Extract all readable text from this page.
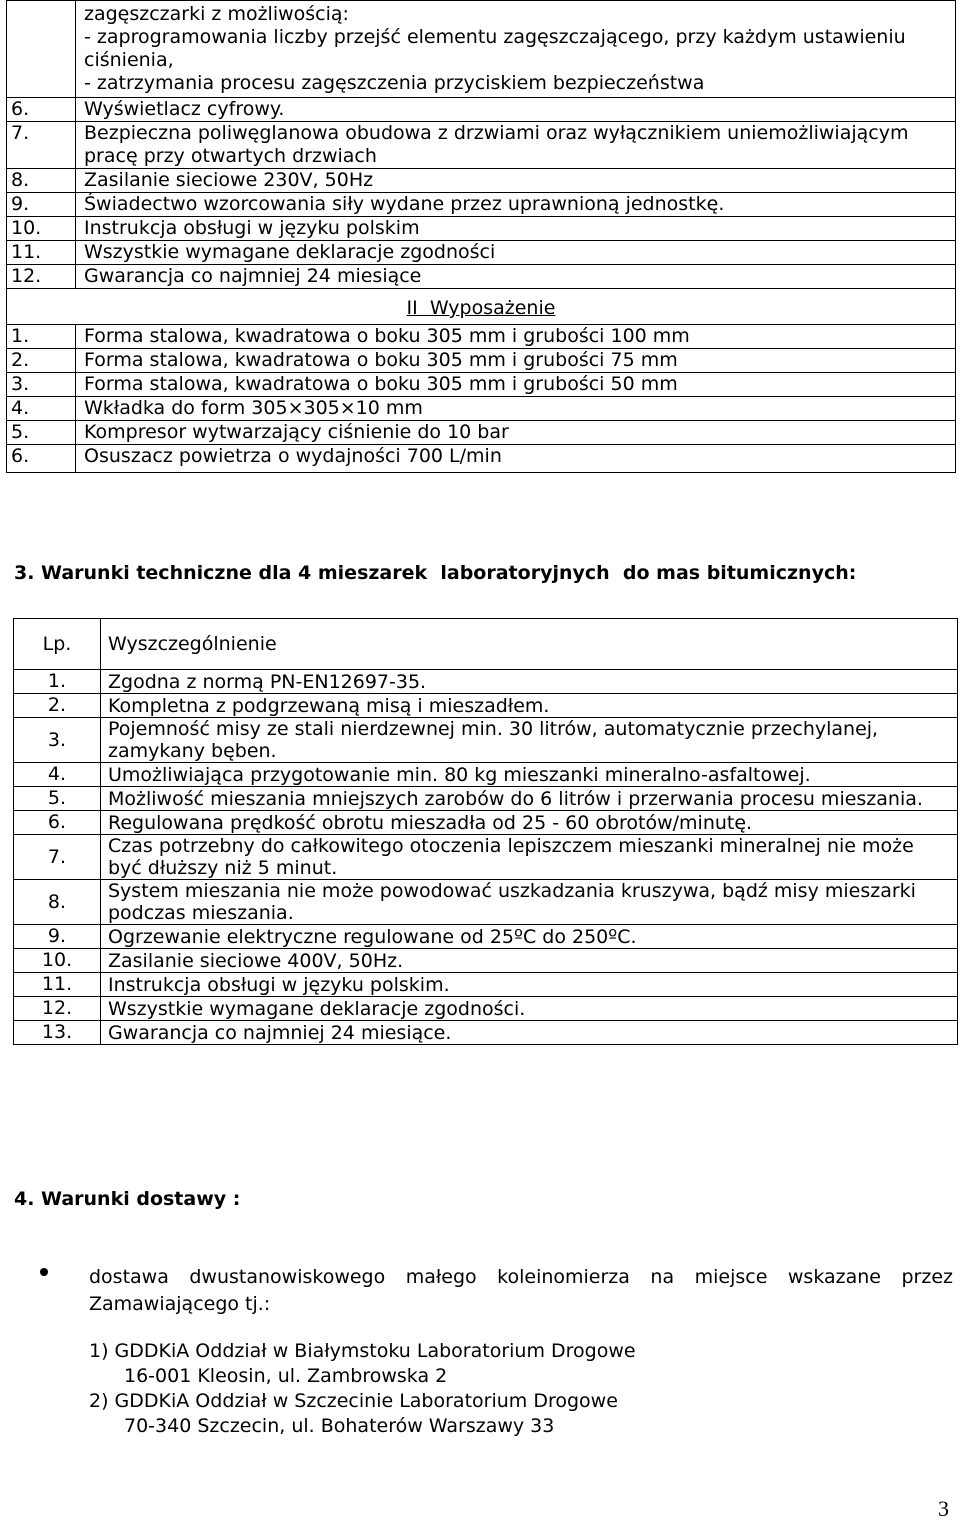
	zagęszczarki z możliwością:
- zaprogramowania liczby przejść elementu zagęszczającego, przy każdym ustawieniu ciśnienia,
- zatrzymania procesu zagęszczenia przyciskiem bezpieczeństwa

6.	Wyświetlacz cyfrowy.
7.	Bezpieczna poliwęglanowa obudowa z drzwiami oraz wyłącznikiem uniemożliwiającym pracę przy otwartych drzwiach
8.	Zasilanie sieciowe 230V, 50Hz
9.	Świadectwo wzorcowania siły wydane przez uprawnioną jednostkę.
10.	Instrukcja obsługi w języku polskim
11.	Wszystkie wymagane deklaracje zgodności
12.	Gwarancja co najmniej 24 miesiące
II  Wyposażenie	
1.	Forma stalowa, kwadratowa o boku 305 mm i grubości 100 mm
2.	Forma stalowa, kwadratowa o boku 305 mm i grubości 75 mm
3.	Forma stalowa, kwadratowa o boku 305 mm i grubości 50 mm
4.	Wkładka do form 305×305×10 mm
5.	Kompresor wytwarzający ciśnienie do 10 bar
6.	Osuszacz powietrza o wydajności 700 L/min
3. Warunki techniczne dla 4 mieszarek  laboratoryjnych  do mas bitumicznych:
Lp.	Wyszczególnienie
1.	Zgodna z normą PN-EN12697-35.
2.	Kompletna z podgrzewaną misą i mieszadłem.
3.	Pojemność misy ze stali nierdzewnej min. 30 litrów, automatycznie przechylanej, zamykany bęben.
4.	Umożliwiająca przygotowanie min. 80 kg mieszanki mineralno-asfaltowej.
5.	Możliwość mieszania mniejszych zarobów do 6 litrów i przerwania procesu mieszania.
6.	Regulowana prędkość obrotu mieszadła od 25 - 60 obrotów/minutę.
7.	Czas potrzebny do całkowitego otoczenia lepiszczem mieszanki mineralnej nie może być dłuższy niż 5 minut.
8.	System mieszania nie może powodować uszkadzania kruszywa, bądź misy mieszarki podczas mieszania.
9.	Ogrzewanie elektryczne regulowane od 25ºC do 250ºC.
10.	Zasilanie sieciowe 400V, 50Hz.
11.	Instrukcja obsługi w języku polskim.
12.	Wszystkie wymagane deklaracje zgodności.
13.	Gwarancja co najmniej 24 miesiące.
4. Warunki dostawy :
dostawa dwustanowiskowego małego koleinomierza na miejsce wskazane przez Zamawiającego tj.:
1) GDDKiA Oddział w Białymstoku Laboratorium Drogowe
16-001 Kleosin, ul. Zambrowska 2
2) GDDKiA Oddział w Szczecinie Laboratorium Drogowe
70-340 Szczecin, ul. Bohaterów Warszawy 33
3
